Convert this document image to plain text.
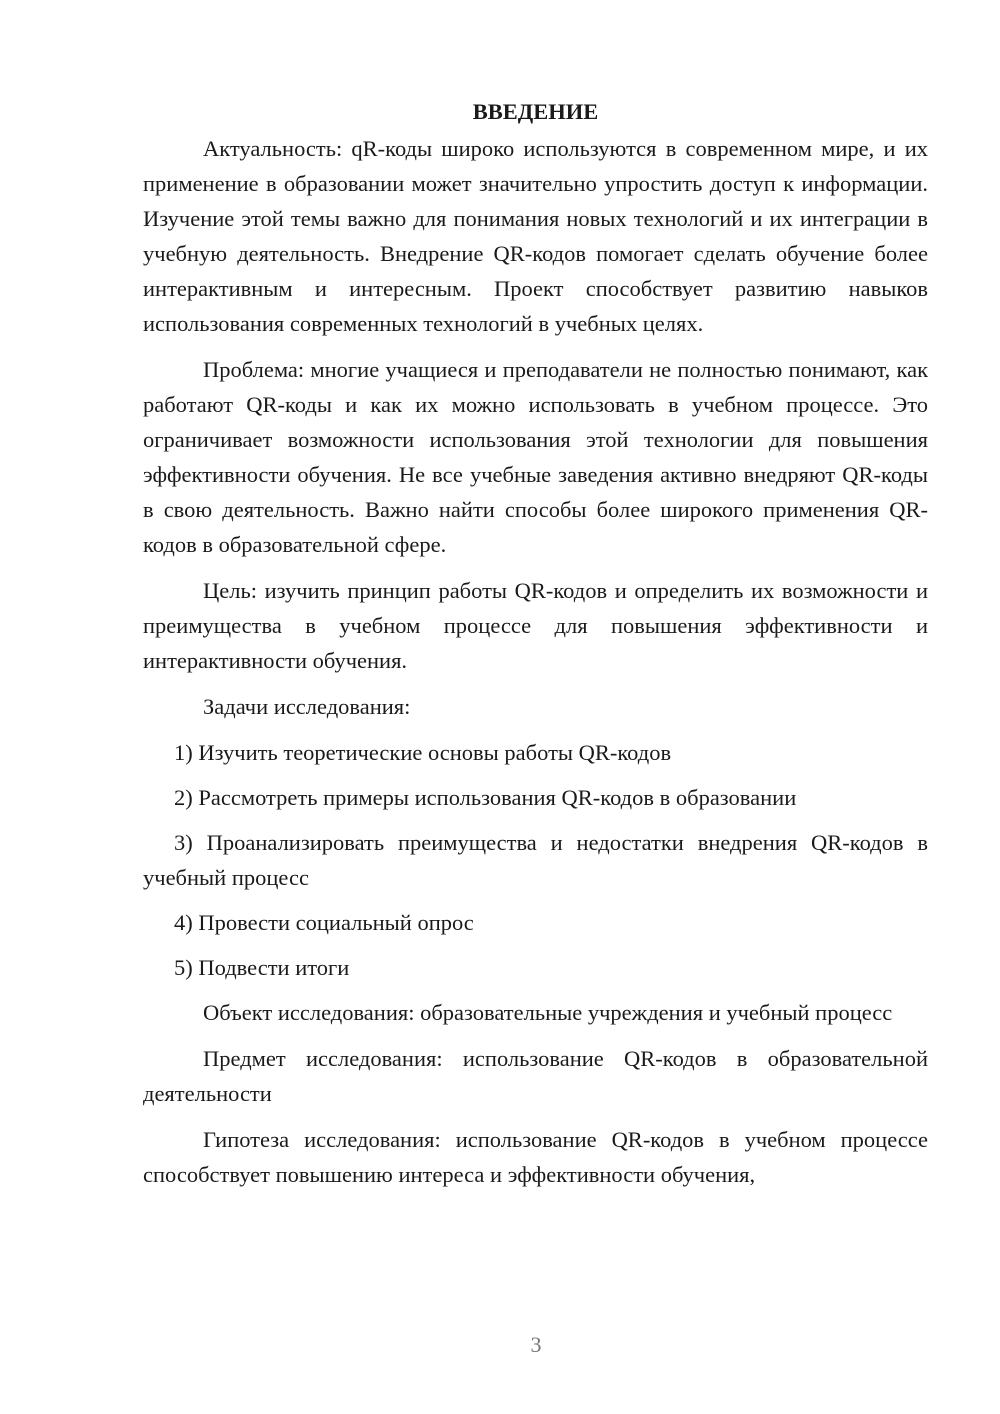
ВВЕДЕНИЕ

Актуальность: qR-коды широко используются в современном мире, и их применение в образовании может значительно упростить доступ к информации. Изучение этой темы важно для понимания новых технологий и их интеграции в учебную деятельность. Внедрение QR-кодов помогает сделать обучение более интерактивным и интересным. Проект способствует развитию навыков использования современных технологий в учебных целях.

Проблема: многие учащиеся и преподаватели не полностью понимают, как работают QR-коды и как их можно использовать в учебном процессе. Это ограничивает возможности использования этой технологии для повышения эффективности обучения. Не все учебные заведения активно внедряют QR-коды в свою деятельность. Важно найти способы более широкого применения QR-кодов в образовательной сфере.

Цель: изучить принцип работы QR-кодов и определить их возможности и преимущества в учебном процессе для повышения эффективности и интерактивности обучения.

Задачи исследования:

1) Изучить теоретические основы работы QR-кодов

2) Рассмотреть примеры использования QR-кодов в образовании

3) Проанализировать преимущества и недостатки внедрения QR-кодов в учебный процесс

4) Провести социальный опрос

5) Подвести итоги

Объект исследования: образовательные учреждения и учебный процесс

Предмет исследования: использование QR-кодов в образовательной деятельности

Гипотеза исследования: использование QR-кодов в учебном процессе способствует повышению интереса и эффективности обучения,

3
